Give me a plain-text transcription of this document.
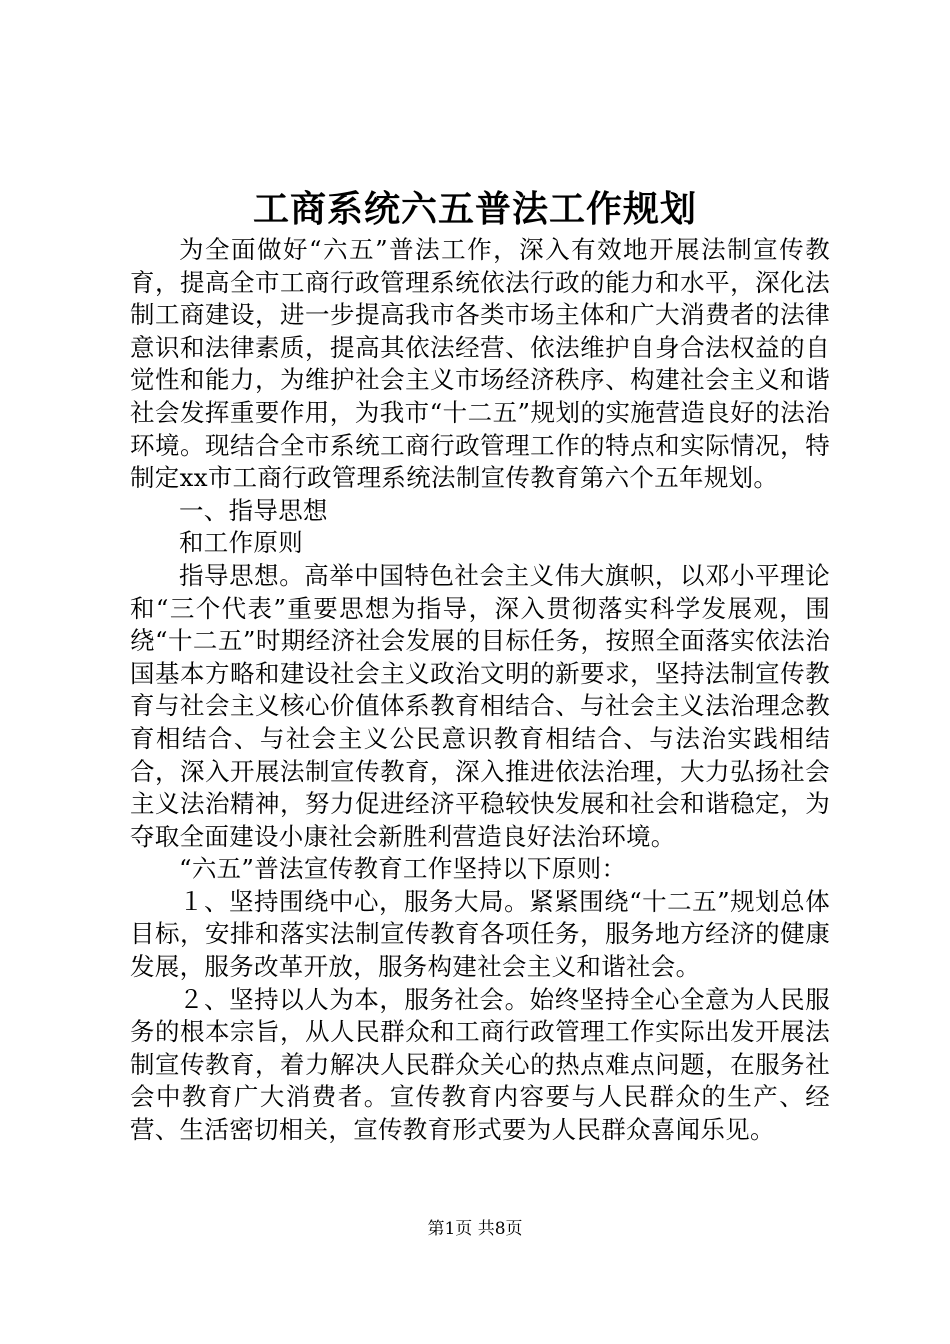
工商系统六五普法工作规划

为全面做好“六五”普法工作，深入有效地开展法制宣传教育，提高全市工商行政管理系统依法行政的能力和水平，深化法制工商建设，进一步提高我市各类市场主体和广大消费者的法律意识和法律素质，提高其依法经营、依法维护自身合法权益的自觉性和能力，为维护社会主义市场经济秩序、构建社会主义和谐社会发挥重要作用，为我市“十二五”规划的实施营造良好的法治环境。现结合全市系统工商行政管理工作的特点和实际情况，特制定xx市工商行政管理系统法制宣传教育第六个五年规划。

一、指导思想

和工作原则

指导思想。高举中国特色社会主义伟大旗帜，以邓小平理论和“三个代表”重要思想为指导，深入贯彻落实科学发展观，围绕“十二五”时期经济社会发展的目标任务，按照全面落实依法治国基本方略和建设社会主义政治文明的新要求，坚持法制宣传教育与社会主义核心价值体系教育相结合、与社会主义法治理念教育相结合、与社会主义公民意识教育相结合、与法治实践相结合，深入开展法制宣传教育，深入推进依法治理，大力弘扬社会主义法治精神，努力促进经济平稳较快发展和社会和谐稳定，为夺取全面建设小康社会新胜利营造良好法治环境。

“六五”普法宣传教育工作坚持以下原则：

１、坚持围绕中心，服务大局。紧紧围绕“十二五”规划总体目标，安排和落实法制宣传教育各项任务，服务地方经济的健康发展，服务改革开放，服务构建社会主义和谐社会。

２、坚持以人为本，服务社会。始终坚持全心全意为人民服务的根本宗旨，从人民群众和工商行政管理工作实际出发开展法制宣传教育，着力解决人民群众关心的热点难点问题，在服务社会中教育广大消费者。宣传教育内容要与人民群众的生产、经营、生活密切相关，宣传教育形式要为人民群众喜闻乐见。

第1页 共8页
